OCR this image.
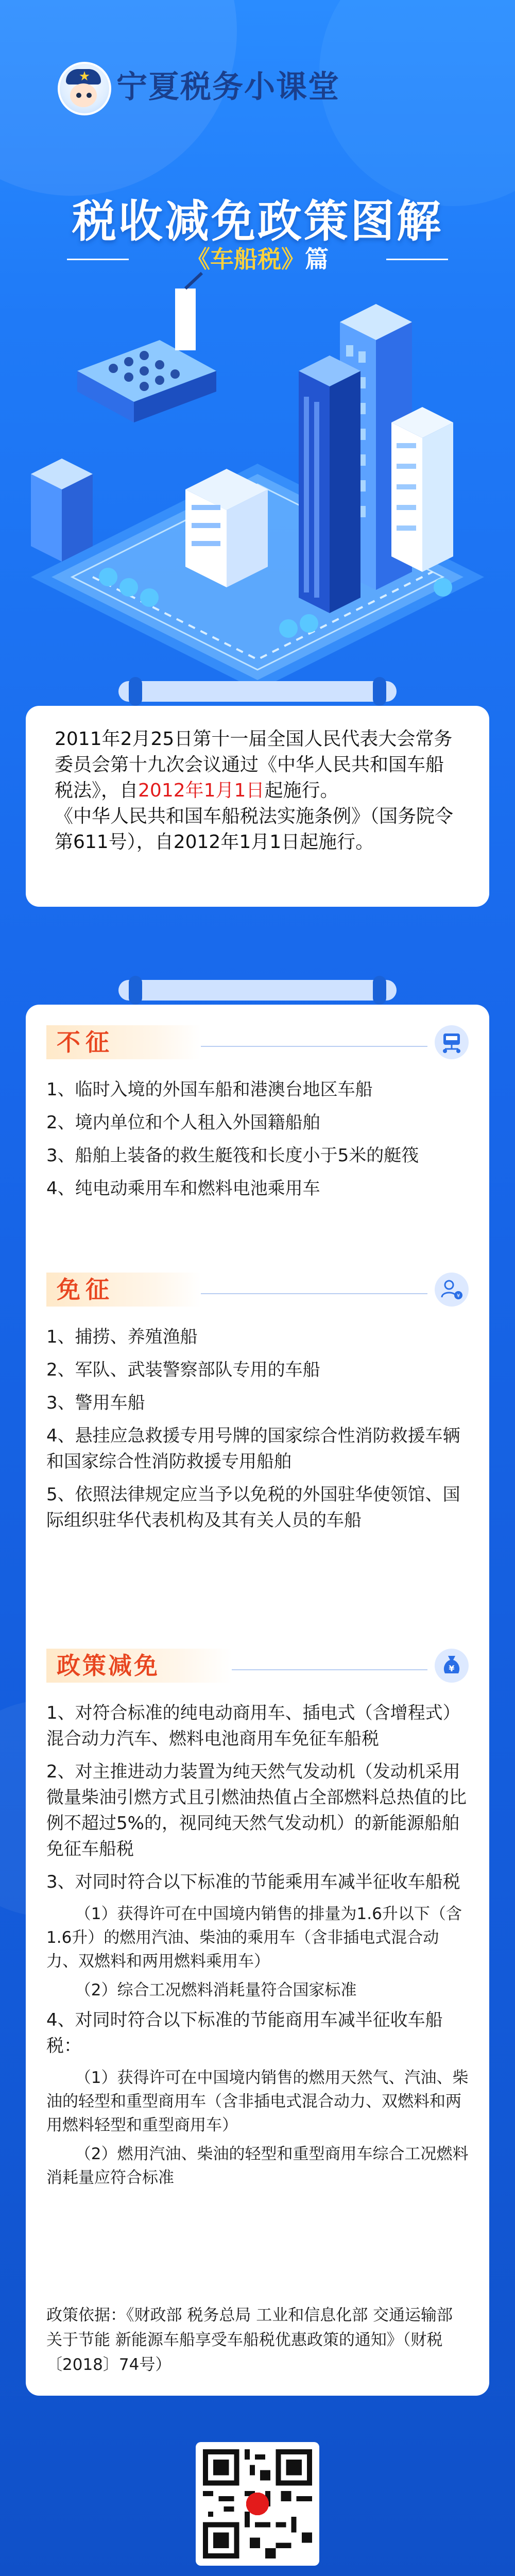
宁夏税务小课堂
税收减免政策图解
《车船税》篇
2011年2月25日第十一届全国人民代表大会常务委员会第十九次会议通过《中华人民共和国车船税法》，自2012年1月1日起施行。
《中华人民共和国车船税法实施条例》（国务院令第611号），自2012年1月1日起施行。
不征

1、临时入境的外国车船和港澳台地区车船

2、境内单位和个人租入外国籍船舶

3、船舶上装备的救生艇筏和长度小于5米的艇筏

4、纯电动乘用车和燃料电池乘用车

免征	¥

1、捕捞、养殖渔船

2、军队、武装警察部队专用的车船

3、警用车船

4、悬挂应急救援专用号牌的国家综合性消防救援车辆和国家综合性消防救援专用船舶

5、依照法律规定应当予以免税的外国驻华使领馆、国际组织驻华代表机构及其有关人员的车船

政策减免	¥

1、对符合标准的纯电动商用车、插电式（含增程式）混合动力汽车、燃料电池商用车免征车船税

2、对主推进动力装置为纯天然气发动机（发动机采用微量柴油引燃方式且引燃油热值占全部燃料总热值的比例不超过5%的，视同纯天然气发动机）的新能源船舶免征车船税

3、对同时符合以下标准的节能乘用车减半征收车船税

（1）获得许可在中国境内销售的排量为1.6升以下（含1.6升）的燃用汽油、柴油的乘用车（含非插电式混合动力、双燃料和两用燃料乘用车）

（2）综合工况燃料消耗量符合国家标准

4、对同时符合以下标准的节能商用车减半征收车船税：

（1）获得许可在中国境内销售的燃用天然气、汽油、柴油的轻型和重型商用车（含非插电式混合动力、双燃料和两用燃料轻型和重型商用车）

（2）燃用汽油、柴油的轻型和重型商用车综合工况燃料消耗量应符合标准

政策依据：《财政部 税务总局 工业和信息化部 交通运输部关于节能 新能源车船享受车船税优惠政策的通知》（财税〔2018〕74号）
